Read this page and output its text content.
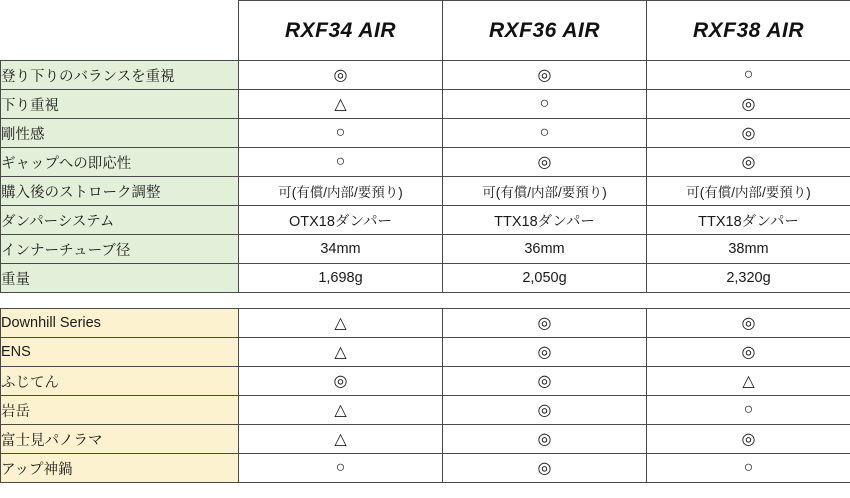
	RXF34 AIR	RXF36 AIR	RXF38 AIR
登り下りのバランスを重視	◎	◎	○
下り重視	△	○	◎
剛性感	○	○	◎
ギャップへの即応性	○	◎	◎
購入後のストローク調整	可(有償/内部/要預り)	可(有償/内部/要預り)	可(有償/内部/要預り)
ダンパーシステム	OTX18ダンパー	TTX18ダンパー	TTX18ダンパー
インナーチューブ径	34mm	36mm	38mm
重量	1,698g	2,050g	2,320g

Downhill Series	△	◎	◎
ENS	△	◎	◎
ふじてん	◎	◎	△
岩岳	△	◎	○
富士見パノラマ	△	◎	◎
アップ神鍋	○	◎	○
